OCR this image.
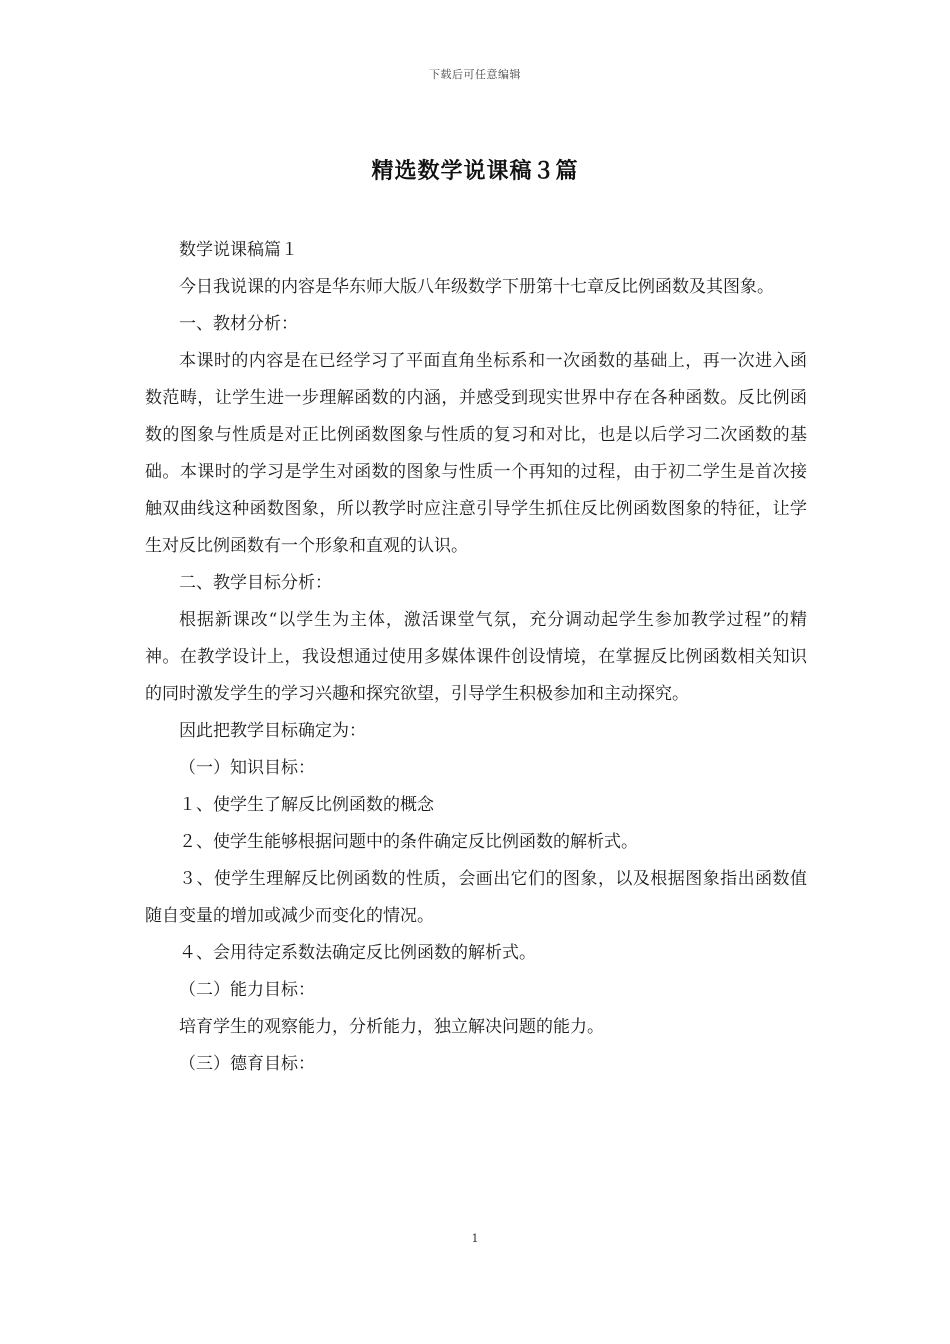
下载后可任意编辑
精选数学说课稿３篇

数学说课稿篇１

今日我说课的内容是华东师大版八年级数学下册第十七章反比例函数及其图象。

一、教材分析：

本课时的内容是在已经学习了平面直角坐标系和一次函数的基础上，再一次进入函数范畴，让学生进一步理解函数的内涵，并感受到现实世界中存在各种函数。反比例函数的图象与性质是对正比例函数图象与性质的复习和对比，也是以后学习二次函数的基础。本课时的学习是学生对函数的图象与性质一个再知的过程，由于初二学生是首次接触双曲线这种函数图象，所以教学时应注意引导学生抓住反比例函数图象的特征，让学生对反比例函数有一个形象和直观的认识。

二、教学目标分析：

根据新课改“以学生为主体，激活课堂气氛，充分调动起学生参加教学过程”的精神。在教学设计上，我设想通过使用多媒体课件创设情境，在掌握反比例函数相关知识的同时激发学生的学习兴趣和探究欲望，引导学生积极参加和主动探究。

因此把教学目标确定为：

（一）知识目标：

１、使学生了解反比例函数的概念

２、使学生能够根据问题中的条件确定反比例函数的解析式。

３、使学生理解反比例函数的性质，会画出它们的图象，以及根据图象指出函数值随自变量的增加或减少而变化的情况。

４、会用待定系数法确定反比例函数的解析式。

（二）能力目标：

培育学生的观察能力，分析能力，独立解决问题的能力。

（三）德育目标：

1
